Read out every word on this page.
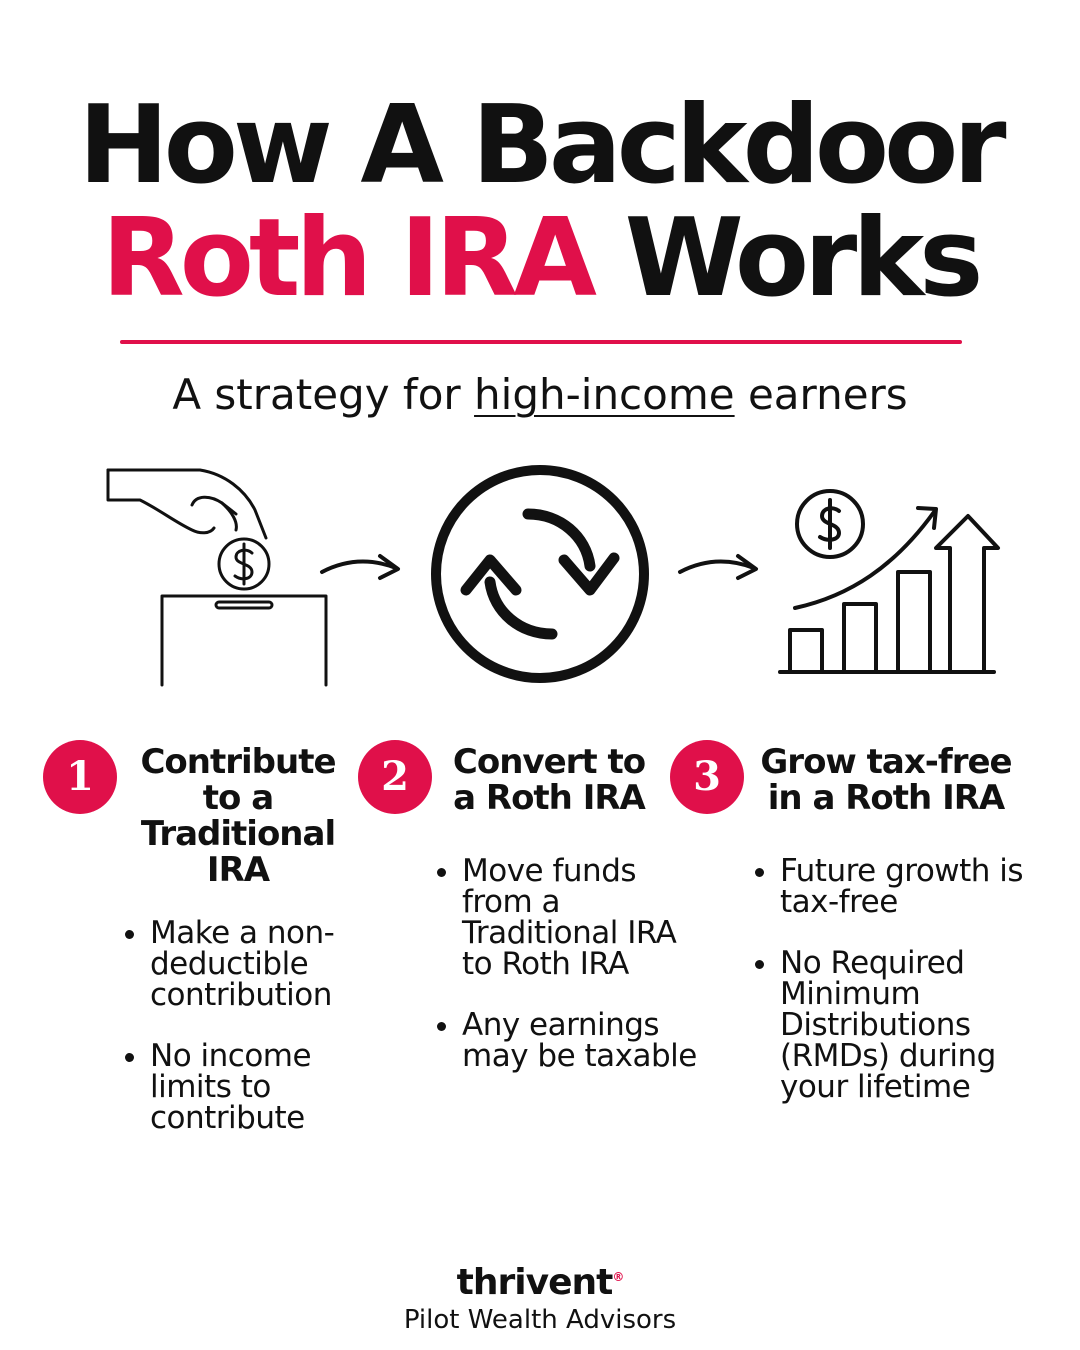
How A Backdoor
Roth IRA Works
A strategy for high-income earners
1	Contribute to a Traditional IRA
• Make a non-deductible contribution
• No income limits to contribute
2	Convert to a Roth IRA
• Move funds from a Traditional IRA to Roth IRA
• Any earnings may be taxable
3	Grow tax-free in a Roth IRA
• Future growth is tax-free
• No Required Minimum Distributions (RMDs) during your lifetime
thrivent®
Pilot Wealth Advisors
